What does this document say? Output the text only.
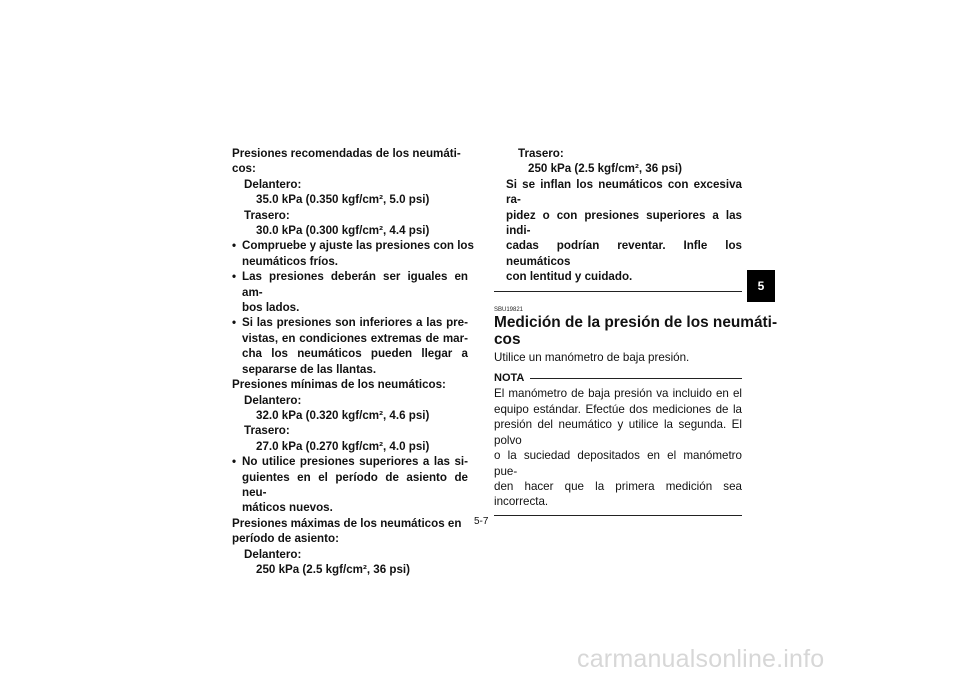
Presiones recomendadas de los neumáti-
cos:
Delantero:
35.0 kPa (0.350 kgf/cm², 5.0 psi)
Trasero:
30.0 kPa (0.300 kgf/cm², 4.4 psi)
• Compruebe y ajuste las presiones con los
neumáticos fríos.
• Las presiones deberán ser iguales en am-
bos lados.
• Si las presiones son inferiores a las pre-
vistas, en condiciones extremas de mar-
cha los neumáticos pueden llegar a
separarse de las llantas.
Presiones mínimas de los neumáticos:
Delantero:
32.0 kPa (0.320 kgf/cm², 4.6 psi)
Trasero:
27.0 kPa (0.270 kgf/cm², 4.0 psi)
• No utilice presiones superiores a las si-
guientes en el período de asiento de neu-
máticos nuevos.
Presiones máximas de los neumáticos en
período de asiento:
Delantero:
250 kPa (2.5 kgf/cm², 36 psi)
Trasero:
250 kPa (2.5 kgf/cm², 36 psi)
Si se inflan los neumáticos con excesiva ra-
pidez o con presiones superiores a las indi-
cadas podrían reventar. Infle los neumáticos
con lentitud y cuidado.
SBU19821
Medición de la presión de los neumáti-
cos
Utilice un manómetro de baja presión.
NOTA
El manómetro de baja presión va incluido en el
equipo estándar. Efectúe dos mediciones de la
presión del neumático y utilice la segunda. El polvo
o la suciedad depositados en el manómetro pue-
den hacer que la primera medición sea incorrecta.
5
5-7
carmanualsonline.info
